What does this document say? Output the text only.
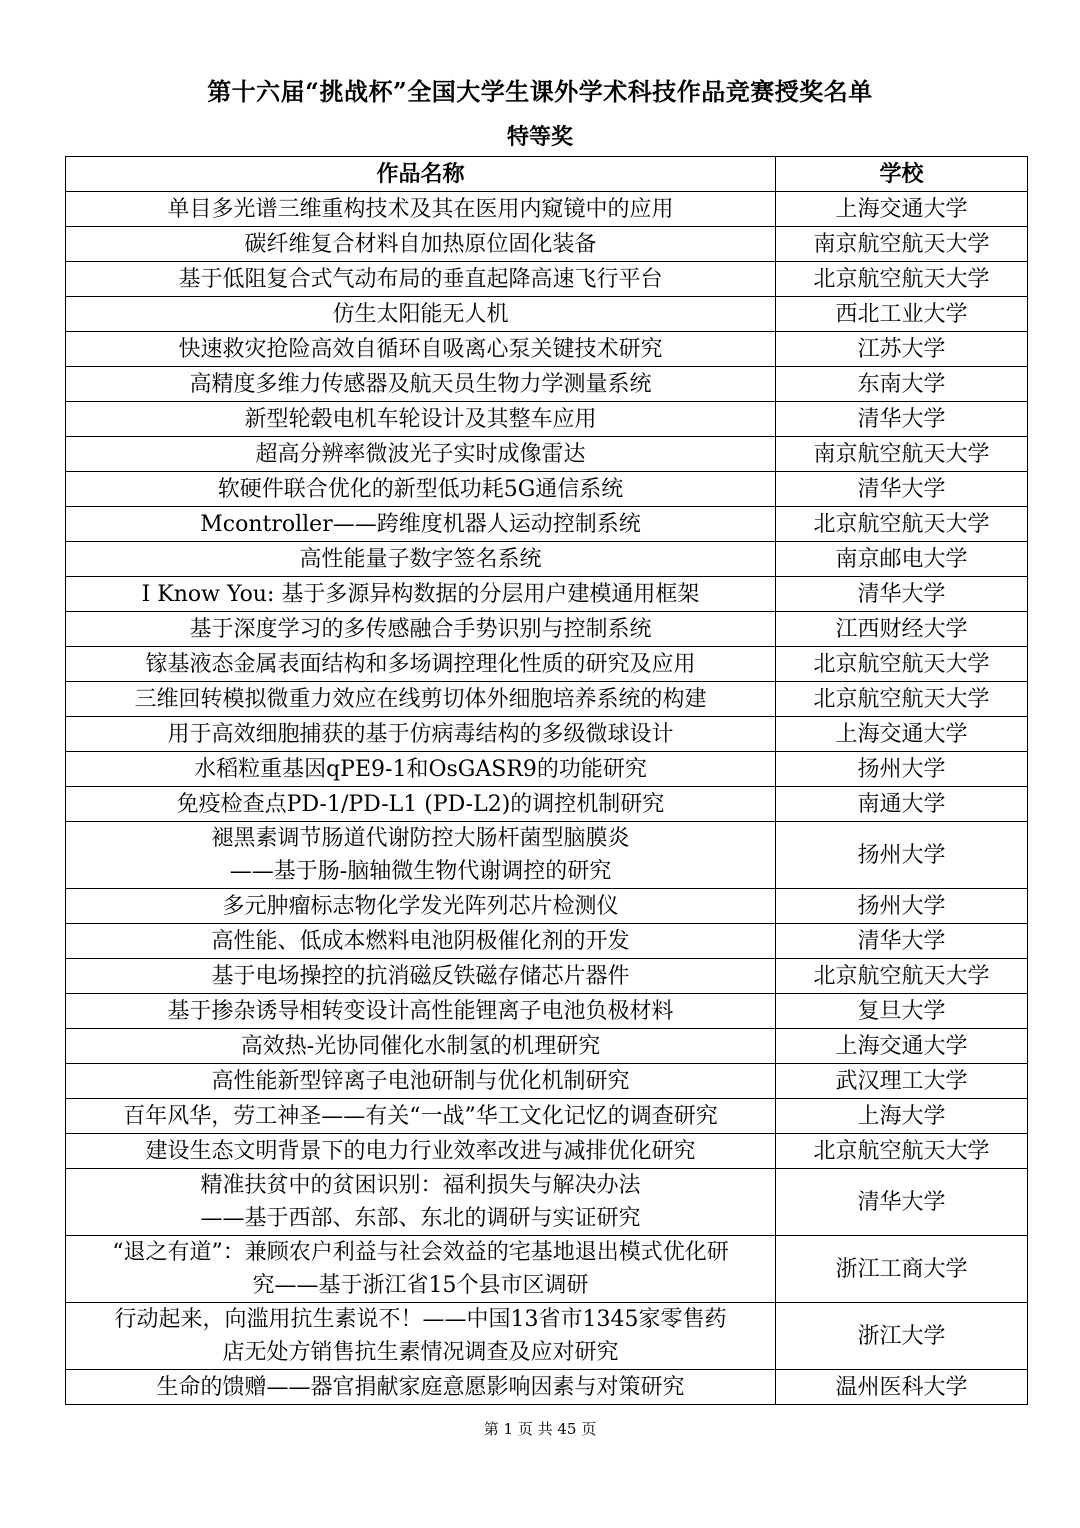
第十六届“挑战杯”全国大学生课外学术科技作品竞赛授奖名单
特等奖
作品名称	学校

单目多光谱三维重构技术及其在医用内窥镜中的应用	上海交通大学

碳纤维复合材料自加热原位固化装备	南京航空航天大学

基于低阻复合式气动布局的垂直起降高速飞行平台	北京航空航天大学

仿生太阳能无人机	西北工业大学

快速救灾抢险高效自循环自吸离心泵关键技术研究	江苏大学

高精度多维力传感器及航天员生物力学测量系统	东南大学

新型轮毂电机车轮设计及其整车应用	清华大学

超高分辨率微波光子实时成像雷达	南京航空航天大学

软硬件联合优化的新型低功耗5G通信系统	清华大学

Mcontroller——跨维度机器人运动控制系统	北京航空航天大学

高性能量子数字签名系统	南京邮电大学

I Know You: 基于多源异构数据的分层用户建模通用框架	清华大学

基于深度学习的多传感融合手势识别与控制系统	江西财经大学

镓基液态金属表面结构和多场调控理化性质的研究及应用	北京航空航天大学

三维回转模拟微重力效应在线剪切体外细胞培养系统的构建	北京航空航天大学

用于高效细胞捕获的基于仿病毒结构的多级微球设计	上海交通大学

水稻粒重基因qPE9-1和OsGASR9的功能研究	扬州大学

免疫检查点PD-1/PD-L1 (PD-L2)的调控机制研究	南通大学

褪黑素调节肠道代谢防控大肠杆菌型脑膜炎
——基于肠-脑轴微生物代谢调控的研究	扬州大学

多元肿瘤标志物化学发光阵列芯片检测仪	扬州大学

高性能、低成本燃料电池阴极催化剂的开发	清华大学

基于电场操控的抗消磁反铁磁存储芯片器件	北京航空航天大学

基于掺杂诱导相转变设计高性能锂离子电池负极材料	复旦大学

高效热-光协同催化水制氢的机理研究	上海交通大学

高性能新型锌离子电池研制与优化机制研究	武汉理工大学

百年风华，劳工神圣——有关“一战”华工文化记忆的调查研究	上海大学

建设生态文明背景下的电力行业效率改进与减排优化研究	北京航空航天大学

精准扶贫中的贫困识别：福利损失与解决办法
——基于西部、东部、东北的调研与实证研究	清华大学

“退之有道”：兼顾农户利益与社会效益的宅基地退出模式优化研
究——基于浙江省15个县市区调研	浙江工商大学

行动起来，向滥用抗生素说不！——中国13省市1345家零售药
店无处方销售抗生素情况调查及应对研究	浙江大学

生命的馈赠——器官捐献家庭意愿影响因素与对策研究	温州医科大学
第 1 页 共 45 页
